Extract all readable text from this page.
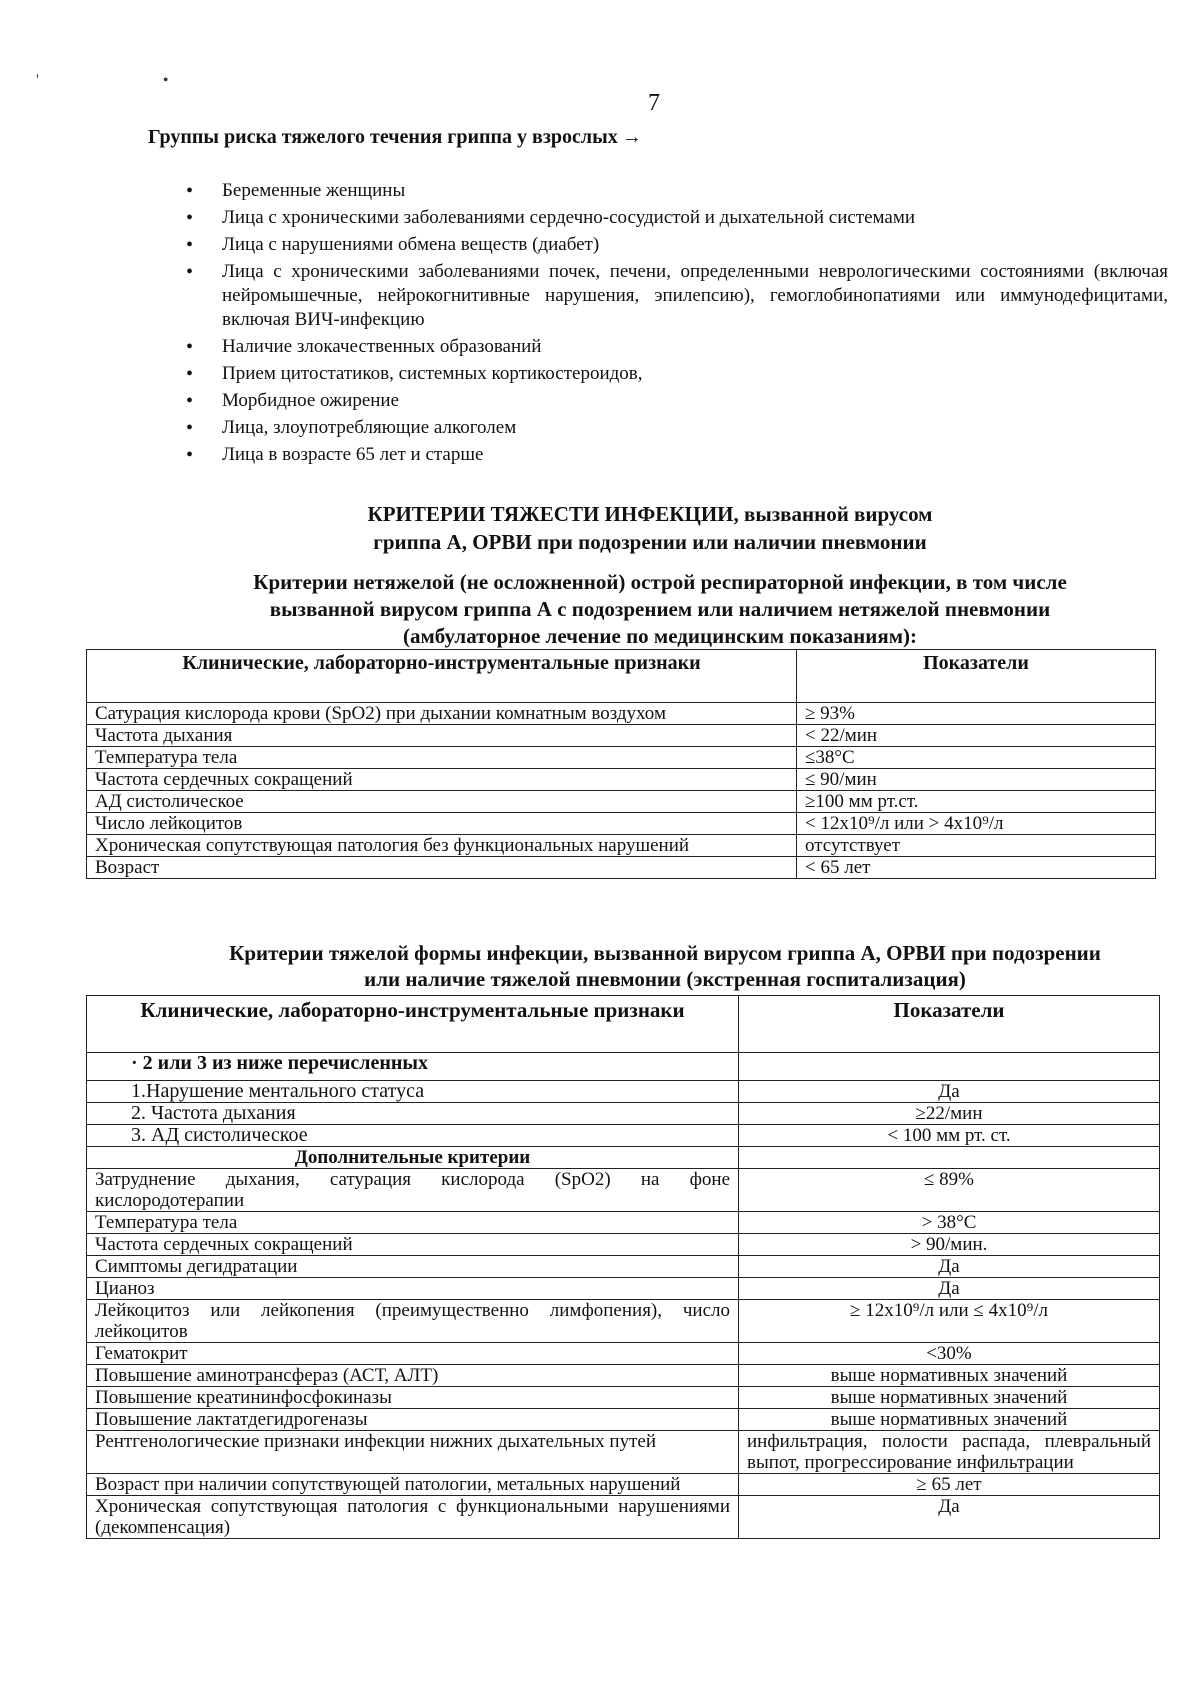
' •
7
Группы риска тяжелого течения гриппа у взрослых →
• Беременные женщины
• Лица с хроническими заболеваниями сердечно-сосудистой и дыхательной системами
• Лица с нарушениями обмена веществ (диабет)
• Лица с хроническими заболеваниями почек, печени, определенными неврологическими состояниями (включая нейромышечные, нейрокогнитивные нарушения, эпилепсию), гемоглобинопатиями или иммунодефицитами, включая ВИЧ-инфекцию
• Наличие злокачественных образований
• Прием цитостатиков, системных кортикостероидов,
• Морбидное ожирение
• Лица, злоупотребляющие алкоголем
• Лица в возрасте 65 лет и старше
КРИТЕРИИ ТЯЖЕСТИ ИНФЕКЦИИ, вызванной вирусом
гриппа А, ОРВИ при подозрении или наличии пневмонии
Критерии нетяжелой (не осложненной) острой респираторной инфекции, в том числе
вызванной вирусом гриппа А с подозрением или наличием нетяжелой пневмонии
(амбулаторное лечение по медицинским показаниям):
Клинические, лабораторно-инструментальные признаки	Показатели
Сатурация кислорода крови (SpO2) при дыхании комнатным воздухом	≥ 93%
Частота дыхания	< 22/мин
Температура тела	≤38°С
Частота сердечных сокращений	≤ 90/мин
АД систолическое	≥100 мм рт.ст.
Число лейкоцитов	< 12x10⁹/л или > 4x10⁹/л
Хроническая сопутствующая патология без функциональных нарушений	отсутствует
Возраст	< 65 лет
Критерии тяжелой формы инфекции, вызванной вирусом гриппа А, ОРВИ при подозрении
или наличие тяжелой пневмонии (экстренная госпитализация)
Клинические, лабораторно-инструментальные признаки	Показатели
· 2 или 3 из ниже перечисленных	
1.Нарушение ментального статуса	Да
2. Частота дыхания	≥22/мин
3. АД систолическое	< 100 мм рт. ст.
Дополнительные критерии	
Затруднение дыхания, сатурация кислорода (SpO2) на фоне кислородотерапии	≤ 89%
Температура тела	> 38°С
Частота сердечных сокращений	> 90/мин.
Симптомы дегидратации	Да
Цианоз	Да
Лейкоцитоз или лейкопения (преимущественно лимфопения), число лейкоцитов	≥ 12x10⁹/л или ≤ 4x10⁹/л
Гематокрит	<30%
Повышение аминотрансфераз (АСТ, АЛТ)	выше нормативных значений
Повышение креатининфосфокиназы	выше нормативных значений
Повышение лактатдегидрогеназы	выше нормативных значений
Рентгенологические признаки инфекции нижних дыхательных путей	инфильтрация, полости распада, плевральный выпот, прогрессирование инфильтрации
Возраст при наличии сопутствующей патологии, метальных нарушений	≥ 65 лет
Хроническая сопутствующая патология с функциональными нарушениями (декомпенсация)	Да
